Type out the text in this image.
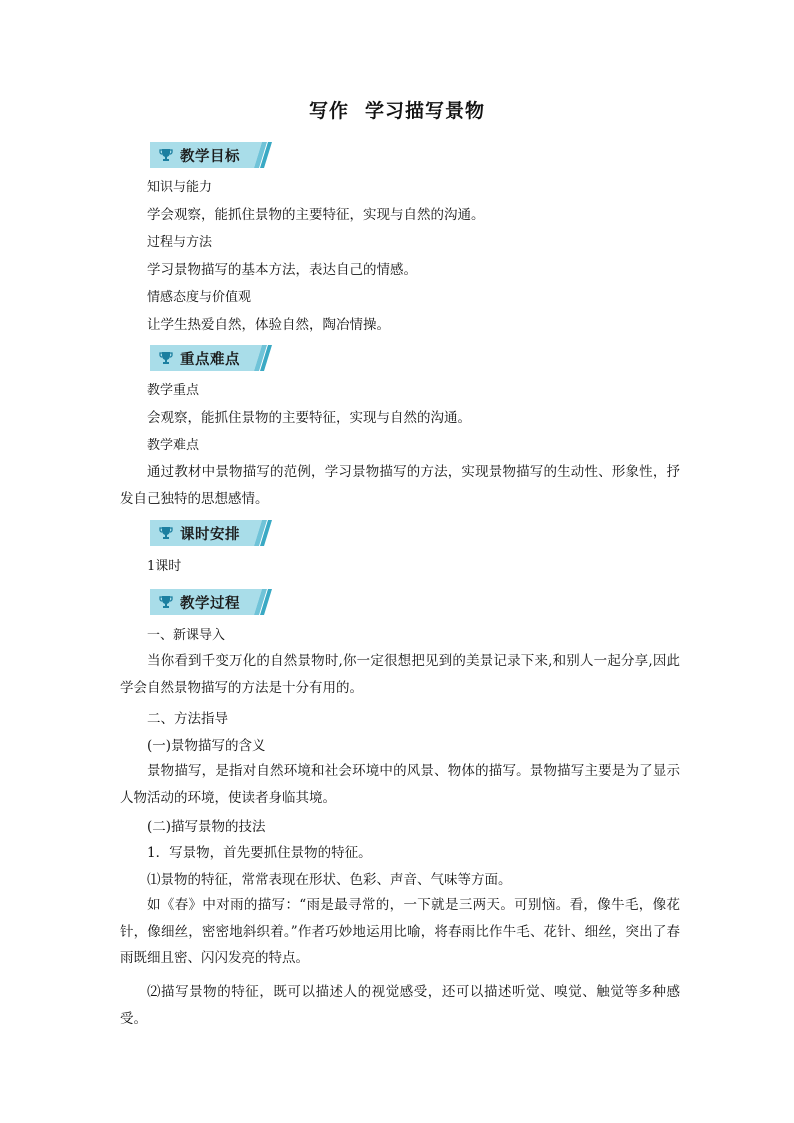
写作 学习描写景物
教学目标
知识与能力
学会观察，能抓住景物的主要特征，实现与自然的沟通。
过程与方法
学习景物描写的基本方法，表达自己的情感。
情感态度与价值观
让学生热爱自然，体验自然，陶冶情操。
重点难点
教学重点
会观察，能抓住景物的主要特征，实现与自然的沟通。
教学难点
通过教材中景物描写的范例，学习景物描写的方法，实现景物描写的生动性、形象性，抒发自己独特的思想感情。
课时安排
1课时
教学过程
一、新课导入
当你看到千变万化的自然景物时,你一定很想把见到的美景记录下来,和别人一起分享,因此学会自然景物描写的方法是十分有用的。
二、方法指导
(一)景物描写的含义
景物描写，是指对自然环境和社会环境中的风景、物体的描写。景物描写主要是为了显示人物活动的环境，使读者身临其境。
(二)描写景物的技法
1．写景物，首先要抓住景物的特征。
⑴景物的特征，常常表现在形状、色彩、声音、气味等方面。
如《春》中对雨的描写：“雨是最寻常的，一下就是三两天。可别恼。看，像牛毛，像花针，像细丝，密密地斜织着。”作者巧妙地运用比喻，将春雨比作牛毛、花针、细丝，突出了春雨既细且密、闪闪发亮的特点。
⑵描写景物的特征，既可以描述人的视觉感受，还可以描述听觉、嗅觉、触觉等多种感受。
